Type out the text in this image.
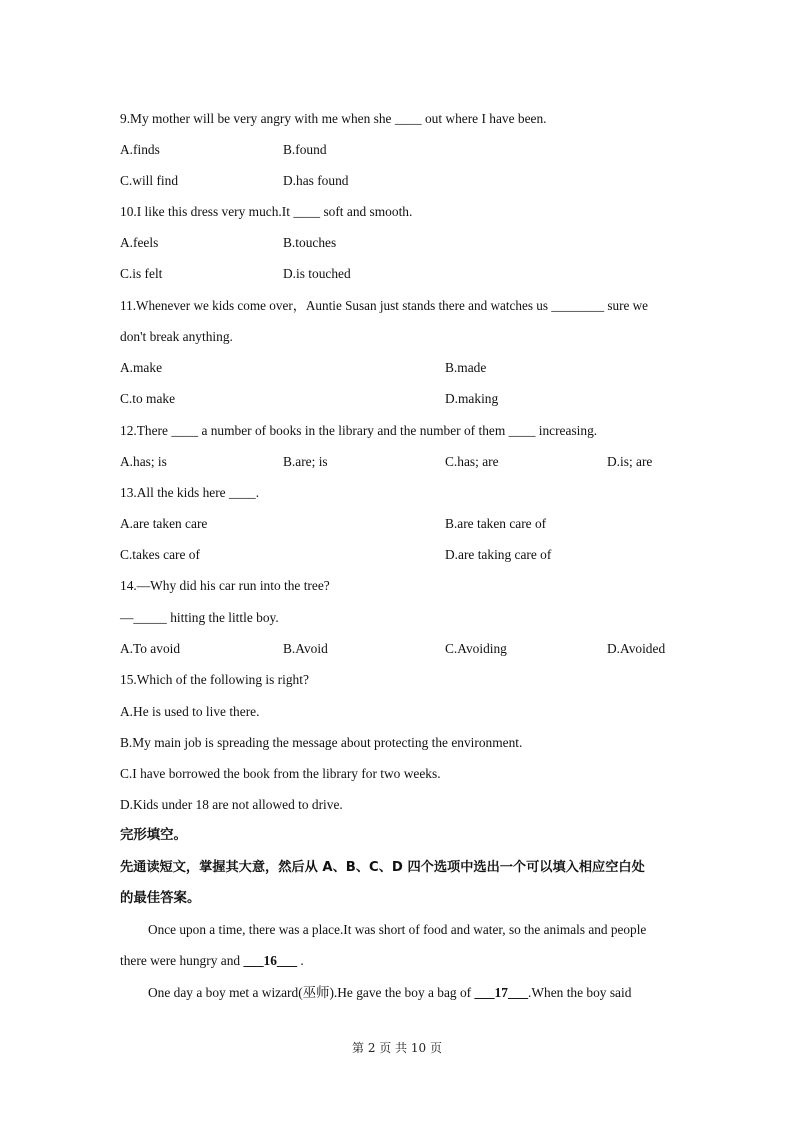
9.My mother will be very angry with me when she ____ out where I have been.
A.finds	B.found
C.will find	D.has found
10.I like this dress very much.It ____ soft and smooth.
A.feels	B.touches
C.is felt	D.is touched
11.Whenever we kids come over，Auntie Susan just stands there and watches us ________ sure we
don't break anything.
A.make	B.made
C.to make	D.making
12.There ____ a number of books in the library and the number of them ____ increasing.
A.has; is	B.are; is	C.has; are	D.is; are
13.All the kids here ____.
A.are taken care	B.are taken care of
C.takes care of	D.are taking care of
14.—Why did his car run into the tree?
—_____ hitting the little boy.
A.To avoid	B.Avoid	C.Avoiding	D.Avoided
15.Which of the following is right?
A.He is used to live there.
B.My main job is spreading the message about protecting the environment.
C.I have borrowed the book from the library for two weeks.
D.Kids under 18 are not allowed to drive.
完形填空。
先通读短文，掌握其大意，然后从 A、B、C、D 四个选项中选出一个可以填入相应空白处
的最佳答案。
Once upon a time, there was a place.It was short of food and water, so the animals and people
there were hungry and ___16___ .
One day a boy met a wizard(巫师).He gave the boy a bag of ___17___.When the boy said
第 2 页 共 10 页
